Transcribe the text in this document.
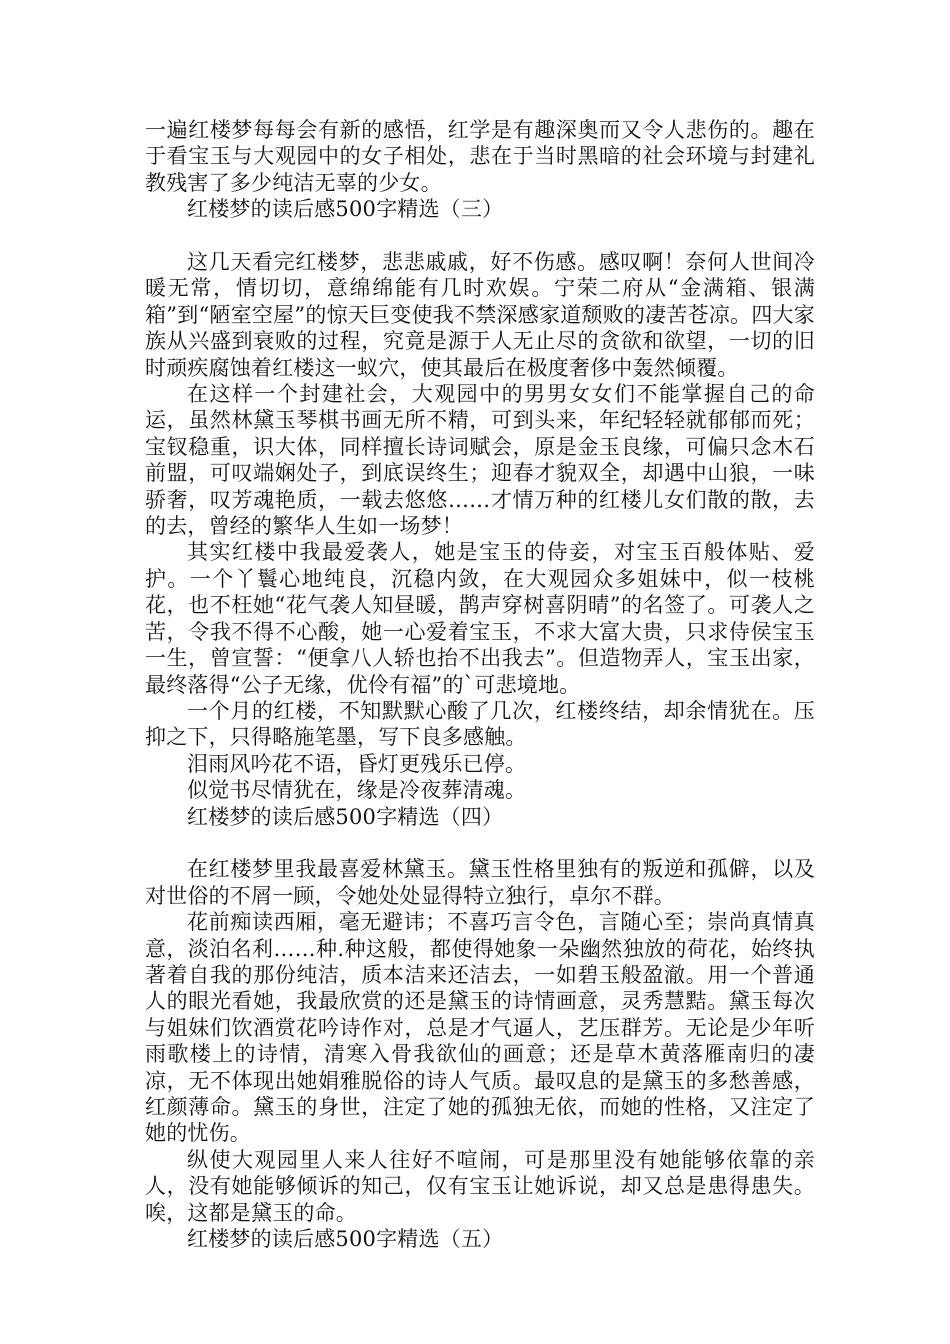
一遍红楼梦每每会有新的感悟，红学是有趣深奥而又令人悲伤的。趣在于看宝玉与大观园中的女子相处，悲在于当时黑暗的社会环境与封建礼教残害了多少纯洁无辜的少女。

红楼梦的读后感500字精选（三）

这几天看完红楼梦，悲悲戚戚，好不伤感。感叹啊！奈何人世间冷暖无常，情切切，意绵绵能有几时欢娱。宁荣二府从“金满箱、银满箱”到“陋室空屋”的惊天巨变使我不禁深感家道颓败的凄苦苍凉。四大家族从兴盛到衰败的过程，究竟是源于人无止尽的贪欲和欲望，一切的旧时顽疾腐蚀着红楼这一蚁穴，使其最后在极度奢侈中轰然倾覆。

在这样一个封建社会，大观园中的男男女女们不能掌握自己的命运，虽然林黛玉琴棋书画无所不精，可到头来，年纪轻轻就郁郁而死；宝钗稳重，识大体，同样擅长诗词赋会，原是金玉良缘，可偏只念木石前盟，可叹端娴处子，到底误终生；迎春才貌双全，却遇中山狼，一味骄奢，叹芳魂艳质，一载去悠悠……才情万种的红楼儿女们散的散，去的去，曾经的繁华人生如一场梦！

其实红楼中我最爱袭人，她是宝玉的侍妾，对宝玉百般体贴、爱护。一个丫鬟心地纯良，沉稳内敛，在大观园众多姐妹中，似一枝桃花，也不枉她“花气袭人知昼暖，鹊声穿树喜阴晴”的名签了。可袭人之苦，令我不得不心酸，她一心爱着宝玉，不求大富大贵，只求侍侯宝玉一生，曾宣誓：“便拿八人轿也抬不出我去”。但造物弄人，宝玉出家，最终落得“公子无缘，优伶有福”的`可悲境地。

一个月的红楼，不知默默心酸了几次，红楼终结，却余情犹在。压抑之下，只得略施笔墨，写下良多感触。

泪雨风吟花不语，昏灯更残乐已停。

似觉书尽情犹在，缘是冷夜葬清魂。

红楼梦的读后感500字精选（四）

在红楼梦里我最喜爱林黛玉。黛玉性格里独有的叛逆和孤僻，以及对世俗的不屑一顾，令她处处显得特立独行，卓尔不群。

花前痴读西厢，毫无避讳；不喜巧言令色，言随心至；崇尚真情真意，淡泊名利……种.种这般，都使得她象一朵幽然独放的荷花，始终执著着自我的那份纯洁，质本洁来还洁去，一如碧玉般盈澈。用一个普通人的眼光看她，我最欣赏的还是黛玉的诗情画意，灵秀慧黠。黛玉每次与姐妹们饮酒赏花吟诗作对，总是才气逼人，艺压群芳。无论是少年听雨歌楼上的诗情，清寒入骨我欲仙的画意；还是草木黄落雁南归的凄凉，无不体现出她娟雅脱俗的诗人气质。最叹息的是黛玉的多愁善感，红颜薄命。黛玉的身世，注定了她的孤独无依，而她的性格，又注定了她的忧伤。

纵使大观园里人来人往好不喧闹，可是那里没有她能够依靠的亲人，没有她能够倾诉的知己，仅有宝玉让她诉说，却又总是患得患失。唉，这都是黛玉的命。

红楼梦的读后感500字精选（五）
